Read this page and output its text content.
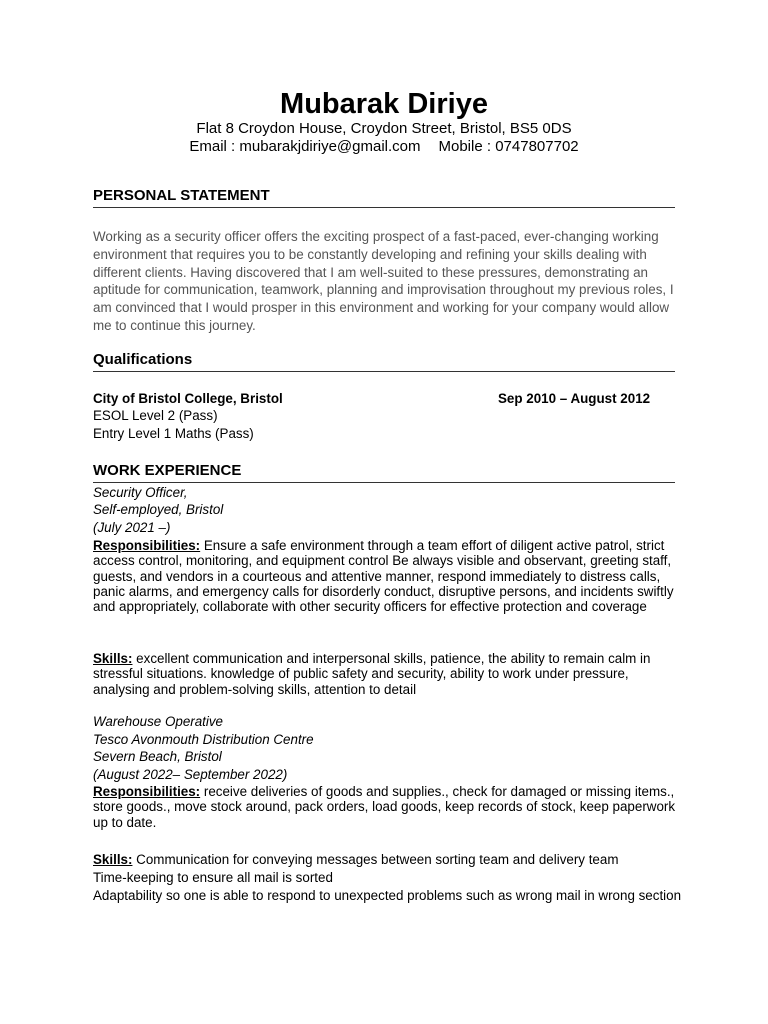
Mubarak Diriye
Flat 8 Croydon House, Croydon Street, Bristol, BS5 0DS
Email : mubarakjdiriye@gmail.com Mobile : 0747807702
PERSONAL STATEMENT
Working as a security officer offers the exciting prospect of a fast-paced, ever-changing working environment that requires you to be constantly developing and refining your skills dealing with different clients. Having discovered that I am well-suited to these pressures, demonstrating an aptitude for communication, teamwork, planning and improvisation throughout my previous roles, I am convinced that I would prosper in this environment and working for your company would allow me to continue this journey.
Qualifications
City of Bristol College, Bristol	Sep 2010 – August 2012
ESOL Level 2 (Pass)
Entry Level 1 Maths (Pass)
WORK EXPERIENCE
Security Officer,
Self-employed, Bristol
(July 2021 –)
Responsibilities: Ensure a safe environment through a team effort of diligent active patrol, strict access control, monitoring, and equipment control Be always visible and observant, greeting staff, guests, and vendors in a courteous and attentive manner, respond immediately to distress calls, panic alarms, and emergency calls for disorderly conduct, disruptive persons, and incidents swiftly and appropriately, collaborate with other security officers for effective protection and coverage
Skills: excellent communication and interpersonal skills, patience, the ability to remain calm in stressful situations. knowledge of public safety and security, ability to work under pressure, analysing and problem-solving skills, attention to detail
Warehouse Operative
Tesco Avonmouth Distribution Centre
Severn Beach, Bristol
(August 2022– September 2022)
Responsibilities: receive deliveries of goods and supplies., check for damaged or missing items., store goods., move stock around, pack orders, load goods, keep records of stock, keep paperwork up to date.
Skills: Communication for conveying messages between sorting team and delivery team
Time-keeping to ensure all mail is sorted
Adaptability so one is able to respond to unexpected problems such as wrong mail in wrong section
